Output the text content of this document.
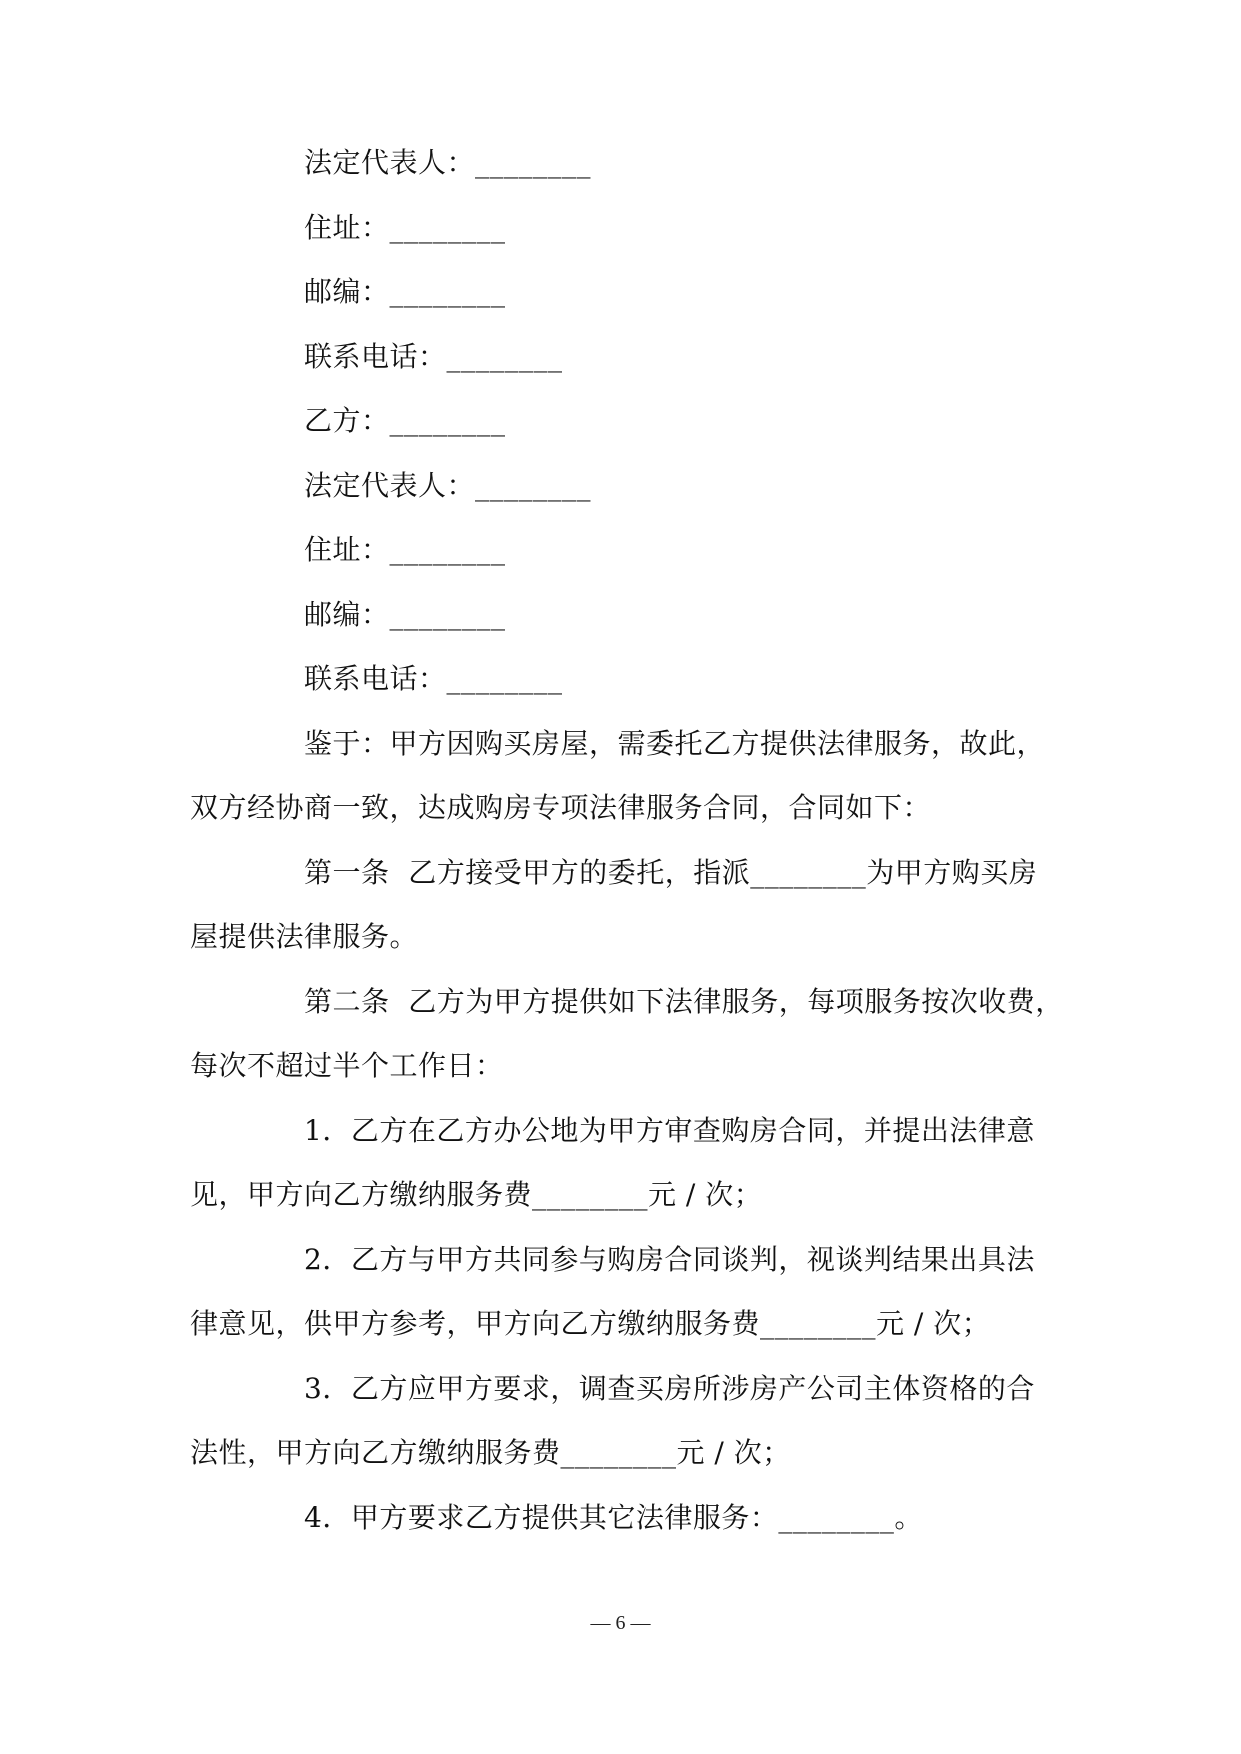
法定代表人：________
住址：________
邮编：________
联系电话：________
乙方：________
法定代表人：________
住址：________
邮编：________
联系电话：________
鉴于：甲方因购买房屋，需委托乙方提供法律服务，故此，
双方经协商一致，达成购房专项法律服务合同，合同如下：
第一条  乙方接受甲方的委托，指派________为甲方购买房
屋提供法律服务。
第二条  乙方为甲方提供如下法律服务，每项服务按次收费，
每次不超过半个工作日：
1．乙方在乙方办公地为甲方审查购房合同，并提出法律意
见，甲方向乙方缴纳服务费________元 / 次；
2．乙方与甲方共同参与购房合同谈判，视谈判结果出具法
律意见，供甲方参考，甲方向乙方缴纳服务费________元 / 次；
3．乙方应甲方要求，调查买房所涉房产公司主体资格的合
法性，甲方向乙方缴纳服务费________元 / 次；
4．甲方要求乙方提供其它法律服务：________。
— 6 —
